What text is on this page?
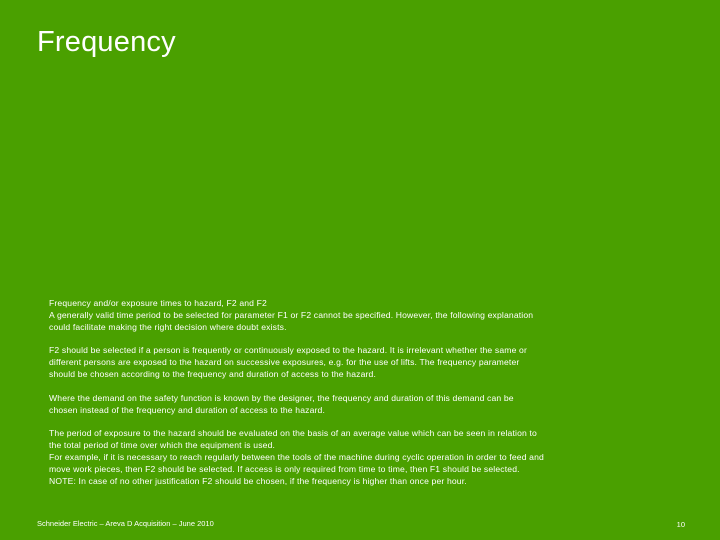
Frequency

Frequency and/or exposure times to hazard, F2 and F2
A generally valid time period to be selected for parameter F1 or F2 cannot be specified. However, the following explanation could facilitate making the right decision where doubt exists.

F2 should be selected if a person is frequently or continuously exposed to the hazard. It is irrelevant whether the same or different persons are exposed to the hazard on successive exposures, e.g. for the use of lifts. The frequency parameter should be chosen according to the frequency and duration of access to the hazard.

Where the demand on the safety function is known by the designer, the frequency and duration of this demand can be chosen instead of the frequency and duration of access to the hazard.

The period of exposure to the hazard should be evaluated on the basis of an average value which can be seen in relation to the total period of time over which the equipment is used.
For example, if it is necessary to reach regularly between the tools of the machine during cyclic operation in order to feed and move work pieces, then F2 should be selected. If access is only required from time to time, then F1 should be selected.
NOTE: In case of no other justification F2 should be chosen, if the frequency is higher than once per hour.

Schneider Electric – Areva D Acquisition – June 2010	10
